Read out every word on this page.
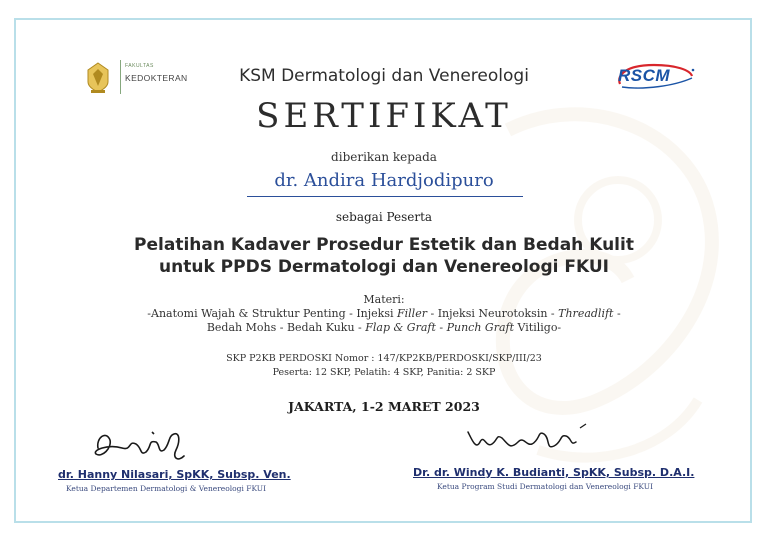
FAKULTAS
KEDOKTERAN	RSCM
KSM Dermatologi dan Venereologi
SERTIFIKAT
diberikan kepada
dr. Andira Hardjodipuro
sebagai Peserta
Pelatihan Kadaver Prosedur Estetik dan Bedah Kulit
untuk PPDS Dermatologi dan Venereologi FKUI
Materi:
-Anatomi Wajah & Struktur Penting - Injeksi Filler - Injeksi Neurotoksin - Threadlift -
Bedah Mohs - Bedah Kuku - Flap & Graft - Punch Graft Vitiligo-
SKP P2KB PERDOSKI Nomor : 147/KP2KB/PERDOSKI/SKP/III/23
Peserta: 12 SKP, Pelatih: 4 SKP, Panitia: 2 SKP
JAKARTA, 1-2 MARET 2023
dr. Hanny Nilasari, SpKK, Subsp. Ven.
Ketua Departemen Dermatologi & Venereologi FKUI
Dr. dr. Windy K. Budianti, SpKK, Subsp. D.A.I.
Ketua Program Studi Dermatologi dan Venereologi FKUI
